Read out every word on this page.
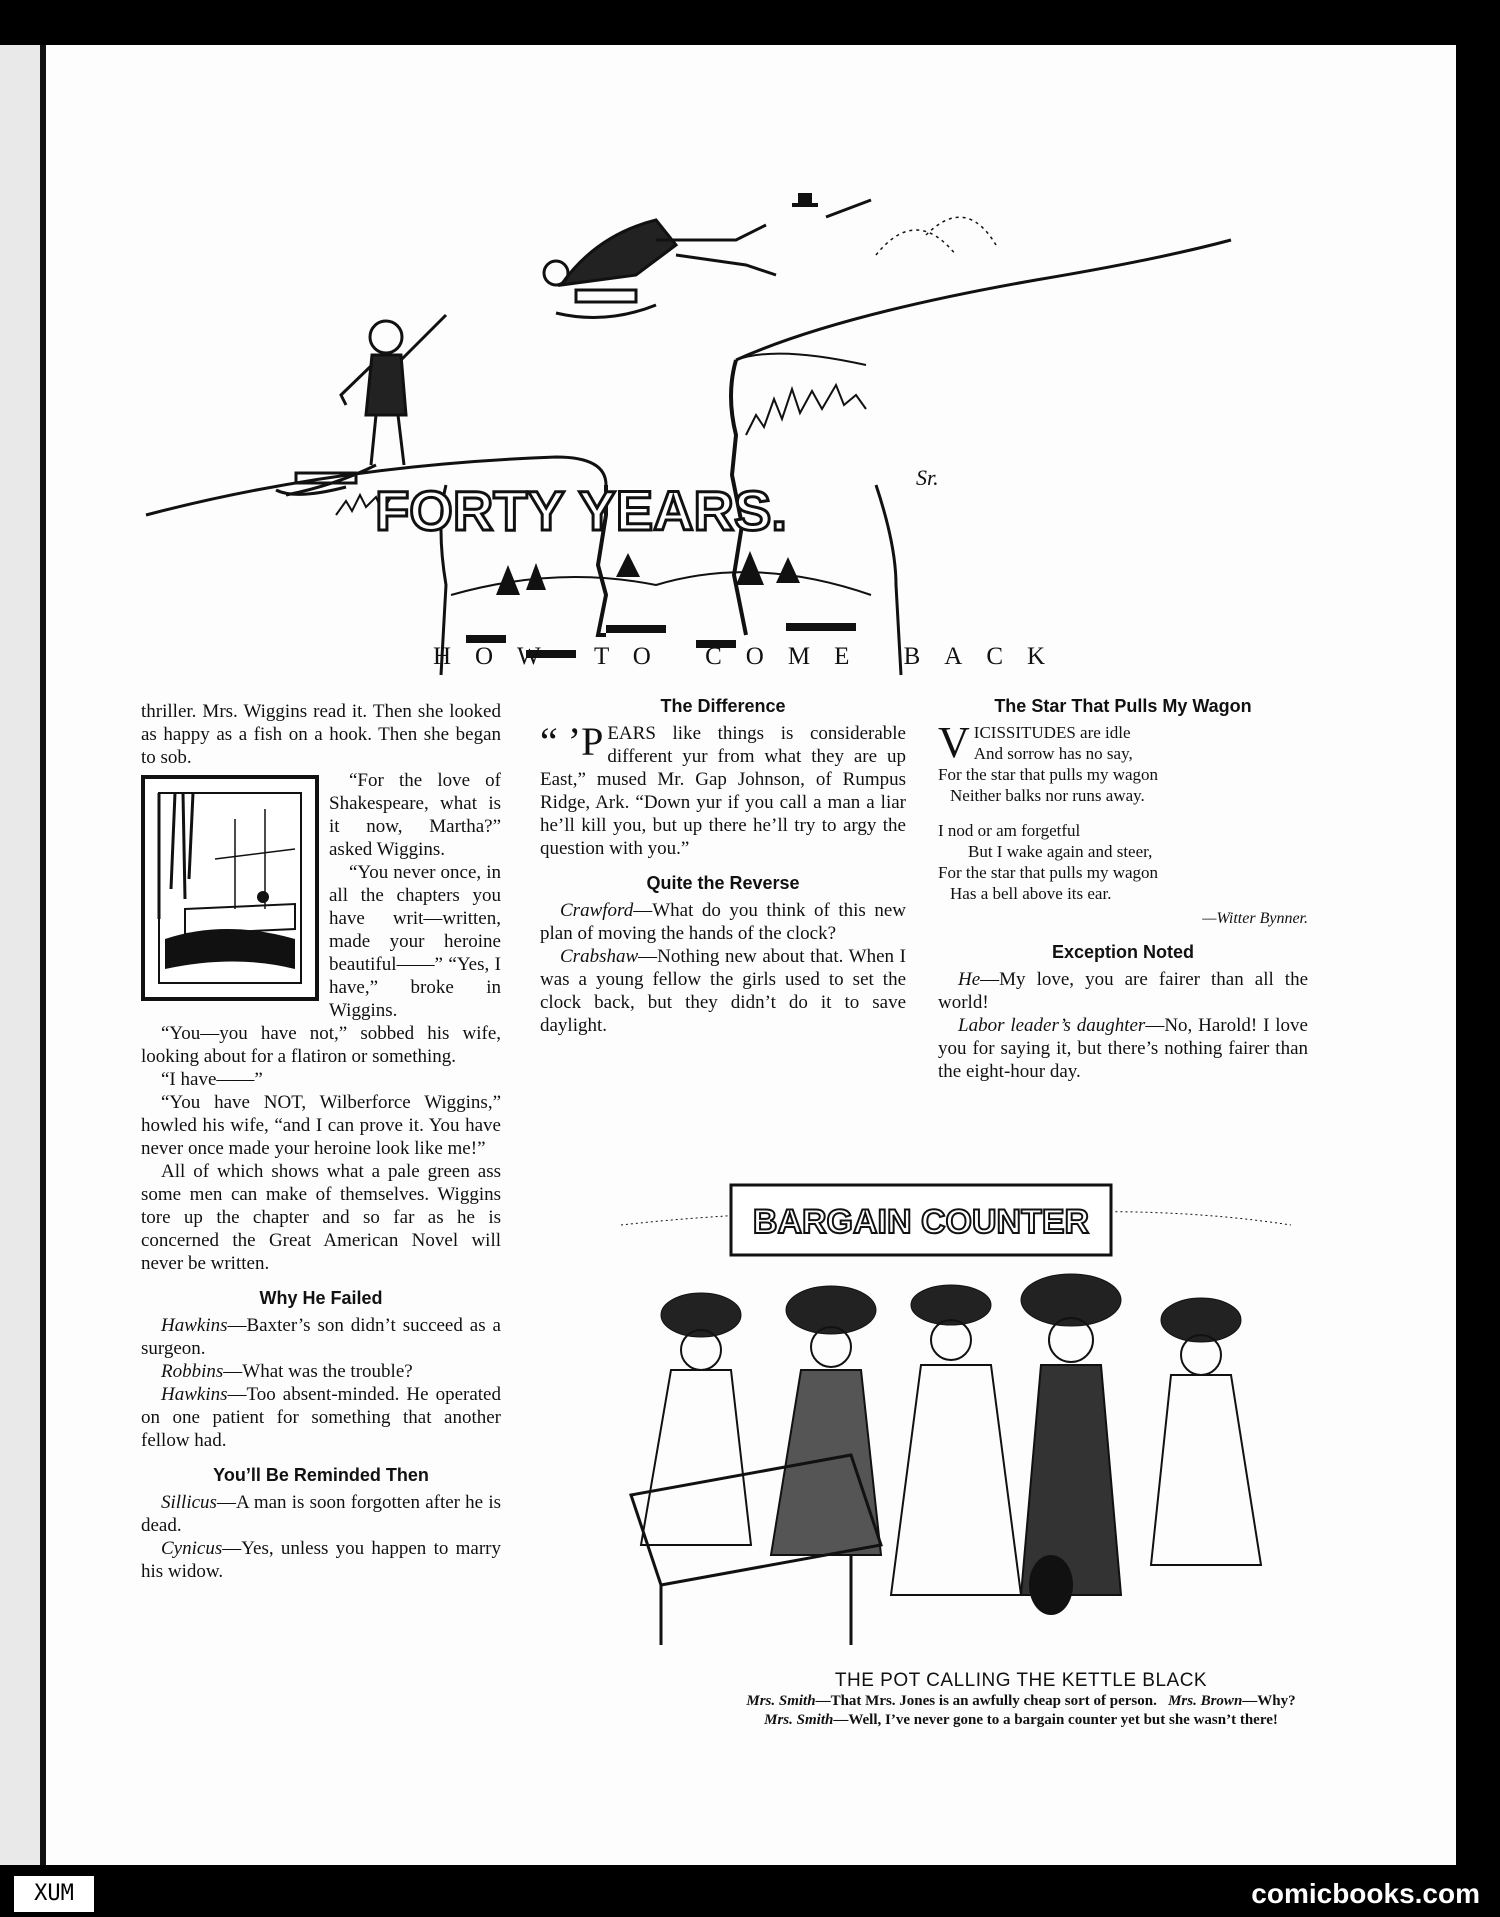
FORTY YEARS.
Sr.
HOW TO COME BACK

thriller. Mrs. Wiggins read it. Then she looked as happy as a fish on a hook. Then she began to sob.

“For the love of Shakespeare, what is it now, Martha?” asked Wiggins.

“You never once, in all the chapters you have writ—written, made your heroine beautiful——” “Yes, I have,” broke in Wiggins.

“You—you have not,” sobbed his wife, looking about for a flatiron or something.

“I have——”

“You have NOT, Wilberforce Wiggins,” howled his wife, “and I can prove it. You have never once made your heroine look like me!”

All of which shows what a pale green ass some men can make of themselves. Wiggins tore up the chapter and so far as he is concerned the Great American Novel will never be written.

Why He Failed

Hawkins—Baxter’s son didn’t succeed as a surgeon.

Robbins—What was the trouble?

Hawkins—Too absent-minded. He operated on one patient for something that another fellow had.

You’ll Be Reminded Then

Sillicus—A man is soon forgotten after he is dead.

Cynicus—Yes, unless you happen to marry his widow.

The Difference

“ ’P EARS like things is considerable different yur from what they are up East,” mused Mr. Gap Johnson, of Rumpus Ridge, Ark. “Down yur if you call a man a liar he’ll kill you, but up there he’ll try to argy the question with you.”

Quite the Reverse

Crawford—What do you think of this new plan of moving the hands of the clock?

Crabshaw—Nothing new about that. When I was a young fellow the girls used to set the clock back, but they didn’t do it to save daylight.

The Star That Pulls My Wagon
VICISSITUDES are idle
And sorrow has no say,
For the star that pulls my wagon
Neither balks nor runs away.
I nod or am forgetful
But I wake again and steer,
For the star that pulls my wagon
Has a bell above its ear.
—Witter Bynner.
Exception Noted

He—My love, you are fairer than all the world!

Labor leader’s daughter—No, Harold! I love you for saying it, but there’s nothing fairer than the eight-hour day.

BARGAIN COUNTER
THE POT CALLING THE KETTLE BLACK
Mrs. Smith—That Mrs. Jones is an awfully cheap sort of person. Mrs. Brown—Why?
Mrs. Smith—Well, I’ve never gone to a bargain counter yet but she wasn’t there!
XUM	comicbooks.com
